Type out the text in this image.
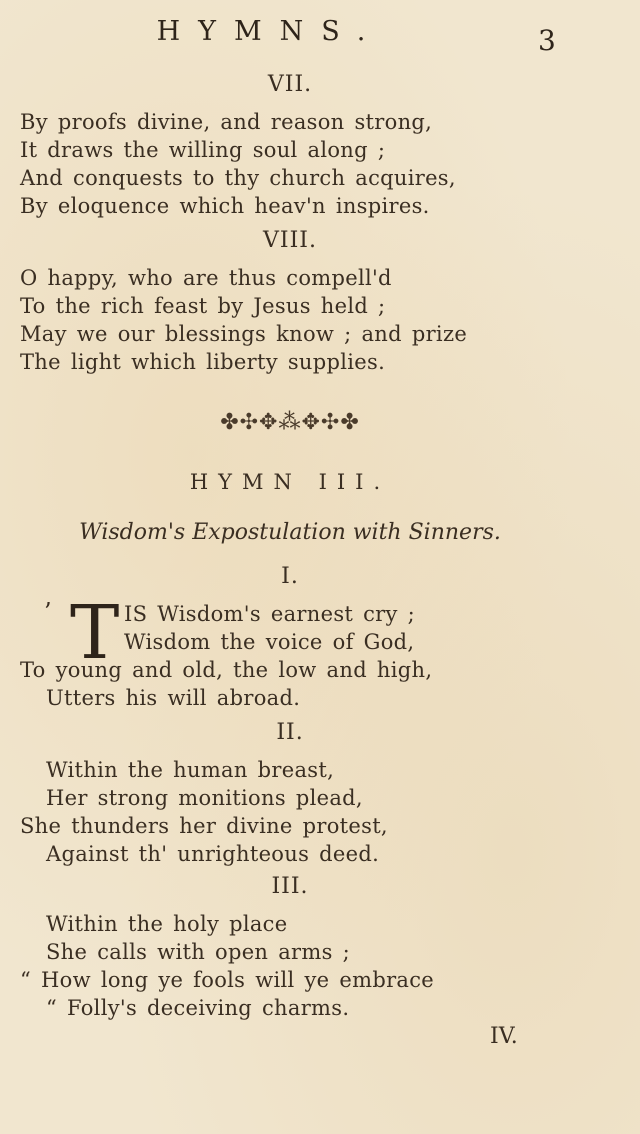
HYMNS.	3
VII.
By proofs divine, and reason strong,
It draws the willing soul along ;
And conquests to thy church acquires,
By eloquence which heav'n inspires.
VIII.
O happy, who are thus compell'd
To the rich feast by Jesus held ;
May we our blessings know ; and prize
The light which liberty supplies.
✤✣✥⁂✥✣✤
HYMN III.
Wisdom's Expostulation with Sinners.
I.
’ T IS Wisdom's earnest cry ;
Wisdom the voice of God,
To young and old, the low and high,
Utters his will abroad.
II.
Within the human breast,
Her strong monitions plead,
She thunders her divine protest,
Against th' unrighteous deed.
III.
Within the holy place
She calls with open arms ;
“ How long ye fools will ye embrace
“ Folly's deceiving charms.
IV.
